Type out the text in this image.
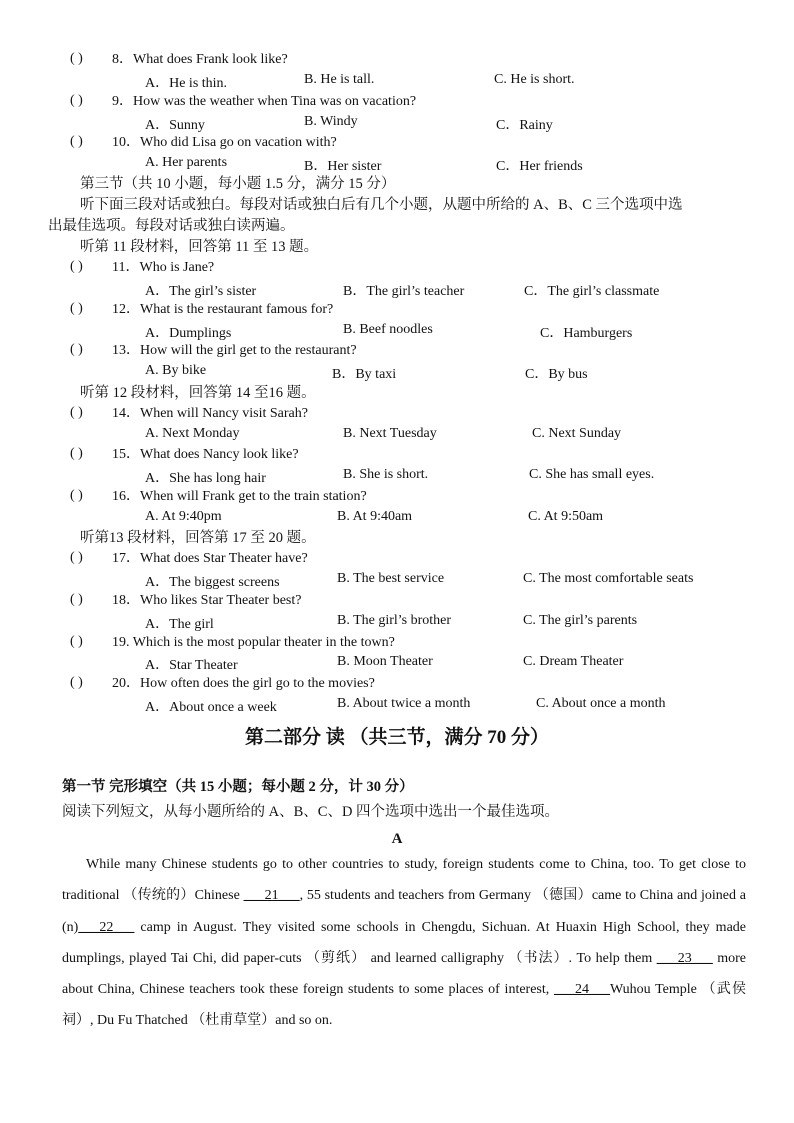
( ) 8．What does Frank look like?
A．He is thin.	B. He is tall.	C. He is short.
( ) 9．How was the weather when Tina was on vacation?
A．Sunny	B. Windy	C．Rainy
( ) 10．Who did Lisa go on vacation with?
A. Her parents	B．Her sister	C．Her friends
第三节（共 10 小题，每小题 1.5 分，满分 15 分）
听下面三段对话或独白。每段对话或独白后有几个小题，从题中所给的 A、B、C 三个选项中选
出最佳选项。每段对话或独白读两遍。
听第 11 段材料，回答第 11 至 13 题。
( ) 11．Who is Jane?
A．The girl’s sister	B．The girl’s teacher	C．The girl’s classmate
( ) 12．What is the restaurant famous for?
A．Dumplings	B. Beef noodles	C．Hamburgers
( ) 13．How will the girl get to the restaurant?
A. By bike	B．By taxi	C．By bus
听第 12 段材料，回答第 14 至16 题。
( ) 14．When will Nancy visit Sarah?
A. Next Monday	B. Next Tuesday	C. Next Sunday
( ) 15．What does Nancy look like?
A．She has long hair	B. She is short.	C. She has small eyes.
( ) 16．When will Frank get to the train station?
A. At 9:40pm	B. At 9:40am	C. At 9:50am
听第13 段材料，回答第 17 至 20 题。
( ) 17．What does Star Theater have?
A．The biggest screens	B. The best service	C. The most comfortable seats
( ) 18．Who likes Star Theater best?
A．The girl	B. The girl’s brother	C. The girl’s parents
( ) 19. Which is the most popular theater in the town?
A．Star Theater	B. Moon Theater	C. Dream Theater
( ) 20．How often does the girl go to the movies?
A．About once a week	B. About twice a month	C. About once a month
第二部分 读 （共三节，满分 70 分）
第一节 完形填空（共 15 小题；每小题 2 分，计 30 分）
阅读下列短文，从每小题所给的 A、B、C、D 四个选项中选出一个最佳选项。
A
While many Chinese students go to other countries to study, foreign students come to China, too. To get close to traditional （传统的）Chinese ___21___, 55 students and teachers from Germany （德国）came to China and joined a (n)___22___ camp in August. They visited some schools in Chengdu, Sichuan. At Huaxin High School, they made dumplings, played Tai Chi, did paper-cuts （剪纸） and learned calligraphy （书法）. To help them ___23___ more about China, Chinese teachers took these foreign students to some places of interest, ___24___Wuhou Temple （武侯祠）, Du Fu Thatched （杜甫草堂）and so on.
